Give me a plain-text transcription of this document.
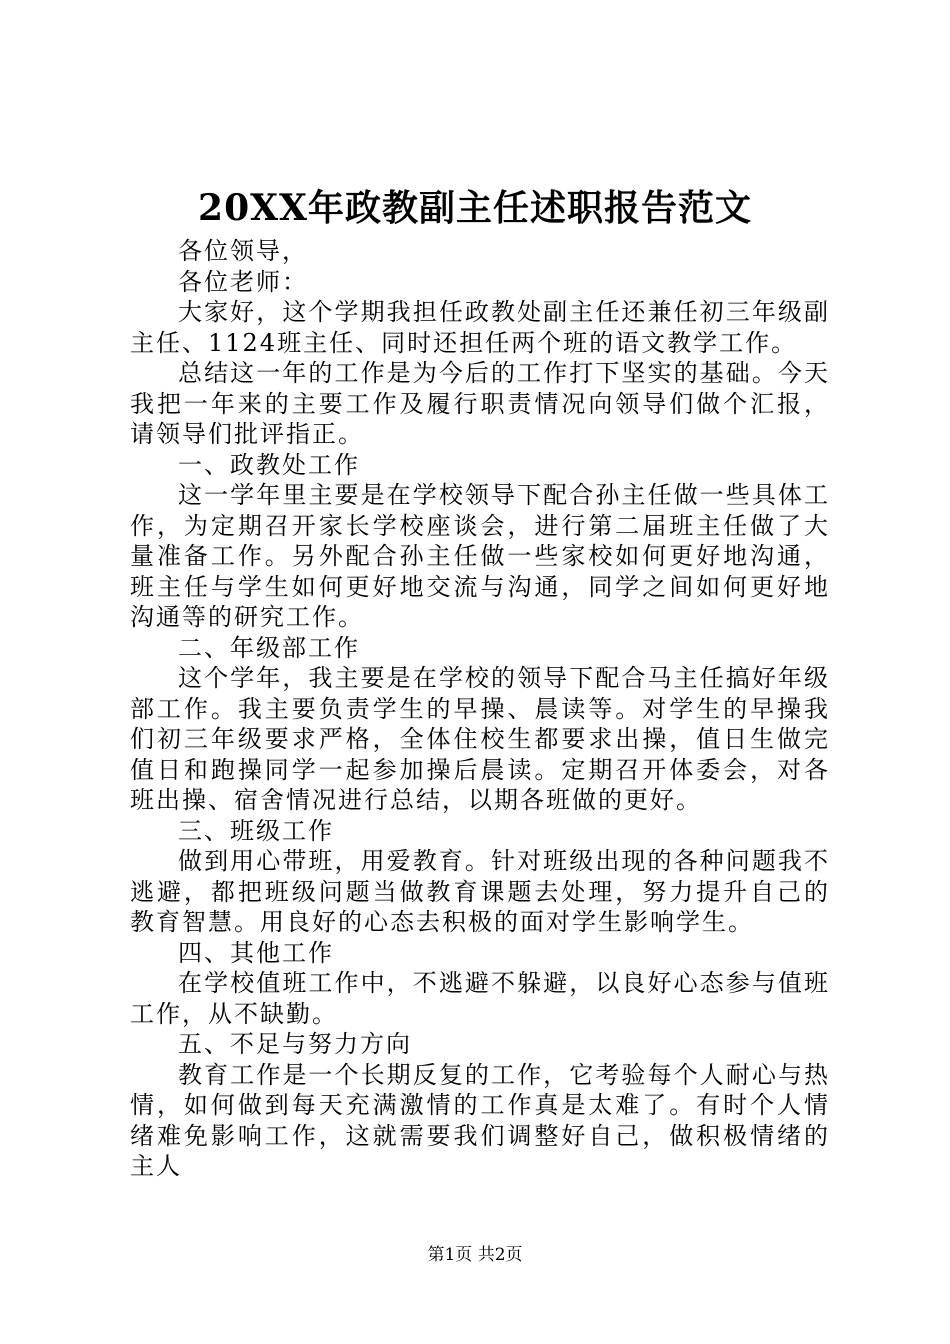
20XX年政教副主任述职报告范文

各位领导，

各位老师：

大家好，这个学期我担任政教处副主任还兼任初三年级副主任、1124班主任、同时还担任两个班的语文教学工作。

总结这一年的工作是为今后的工作打下坚实的基础。今天我把一年来的主要工作及履行职责情况向领导们做个汇报，请领导们批评指正。

一、政教处工作

这一学年里主要是在学校领导下配合孙主任做一些具体工作，为定期召开家长学校座谈会，进行第二届班主任做了大量准备工作。另外配合孙主任做一些家校如何更好地沟通，班主任与学生如何更好地交流与沟通，同学之间如何更好地沟通等的研究工作。

二、年级部工作

这个学年，我主要是在学校的领导下配合马主任搞好年级部工作。我主要负责学生的早操、晨读等。对学生的早操我们初三年级要求严格，全体住校生都要求出操，值日生做完值日和跑操同学一起参加操后晨读。定期召开体委会，对各班出操、宿舍情况进行总结，以期各班做的更好。

三、班级工作

做到用心带班，用爱教育。针对班级出现的各种问题我不逃避，都把班级问题当做教育课题去处理，努力提升自己的教育智慧。用良好的心态去积极的面对学生影响学生。

四、其他工作

在学校值班工作中，不逃避不躲避，以良好心态参与值班工作，从不缺勤。

五、不足与努力方向

教育工作是一个长期反复的工作，它考验每个人耐心与热情，如何做到每天充满激情的工作真是太难了。有时个人情绪难免影响工作，这就需要我们调整好自己，做积极情绪的主人

第1页 共2页
